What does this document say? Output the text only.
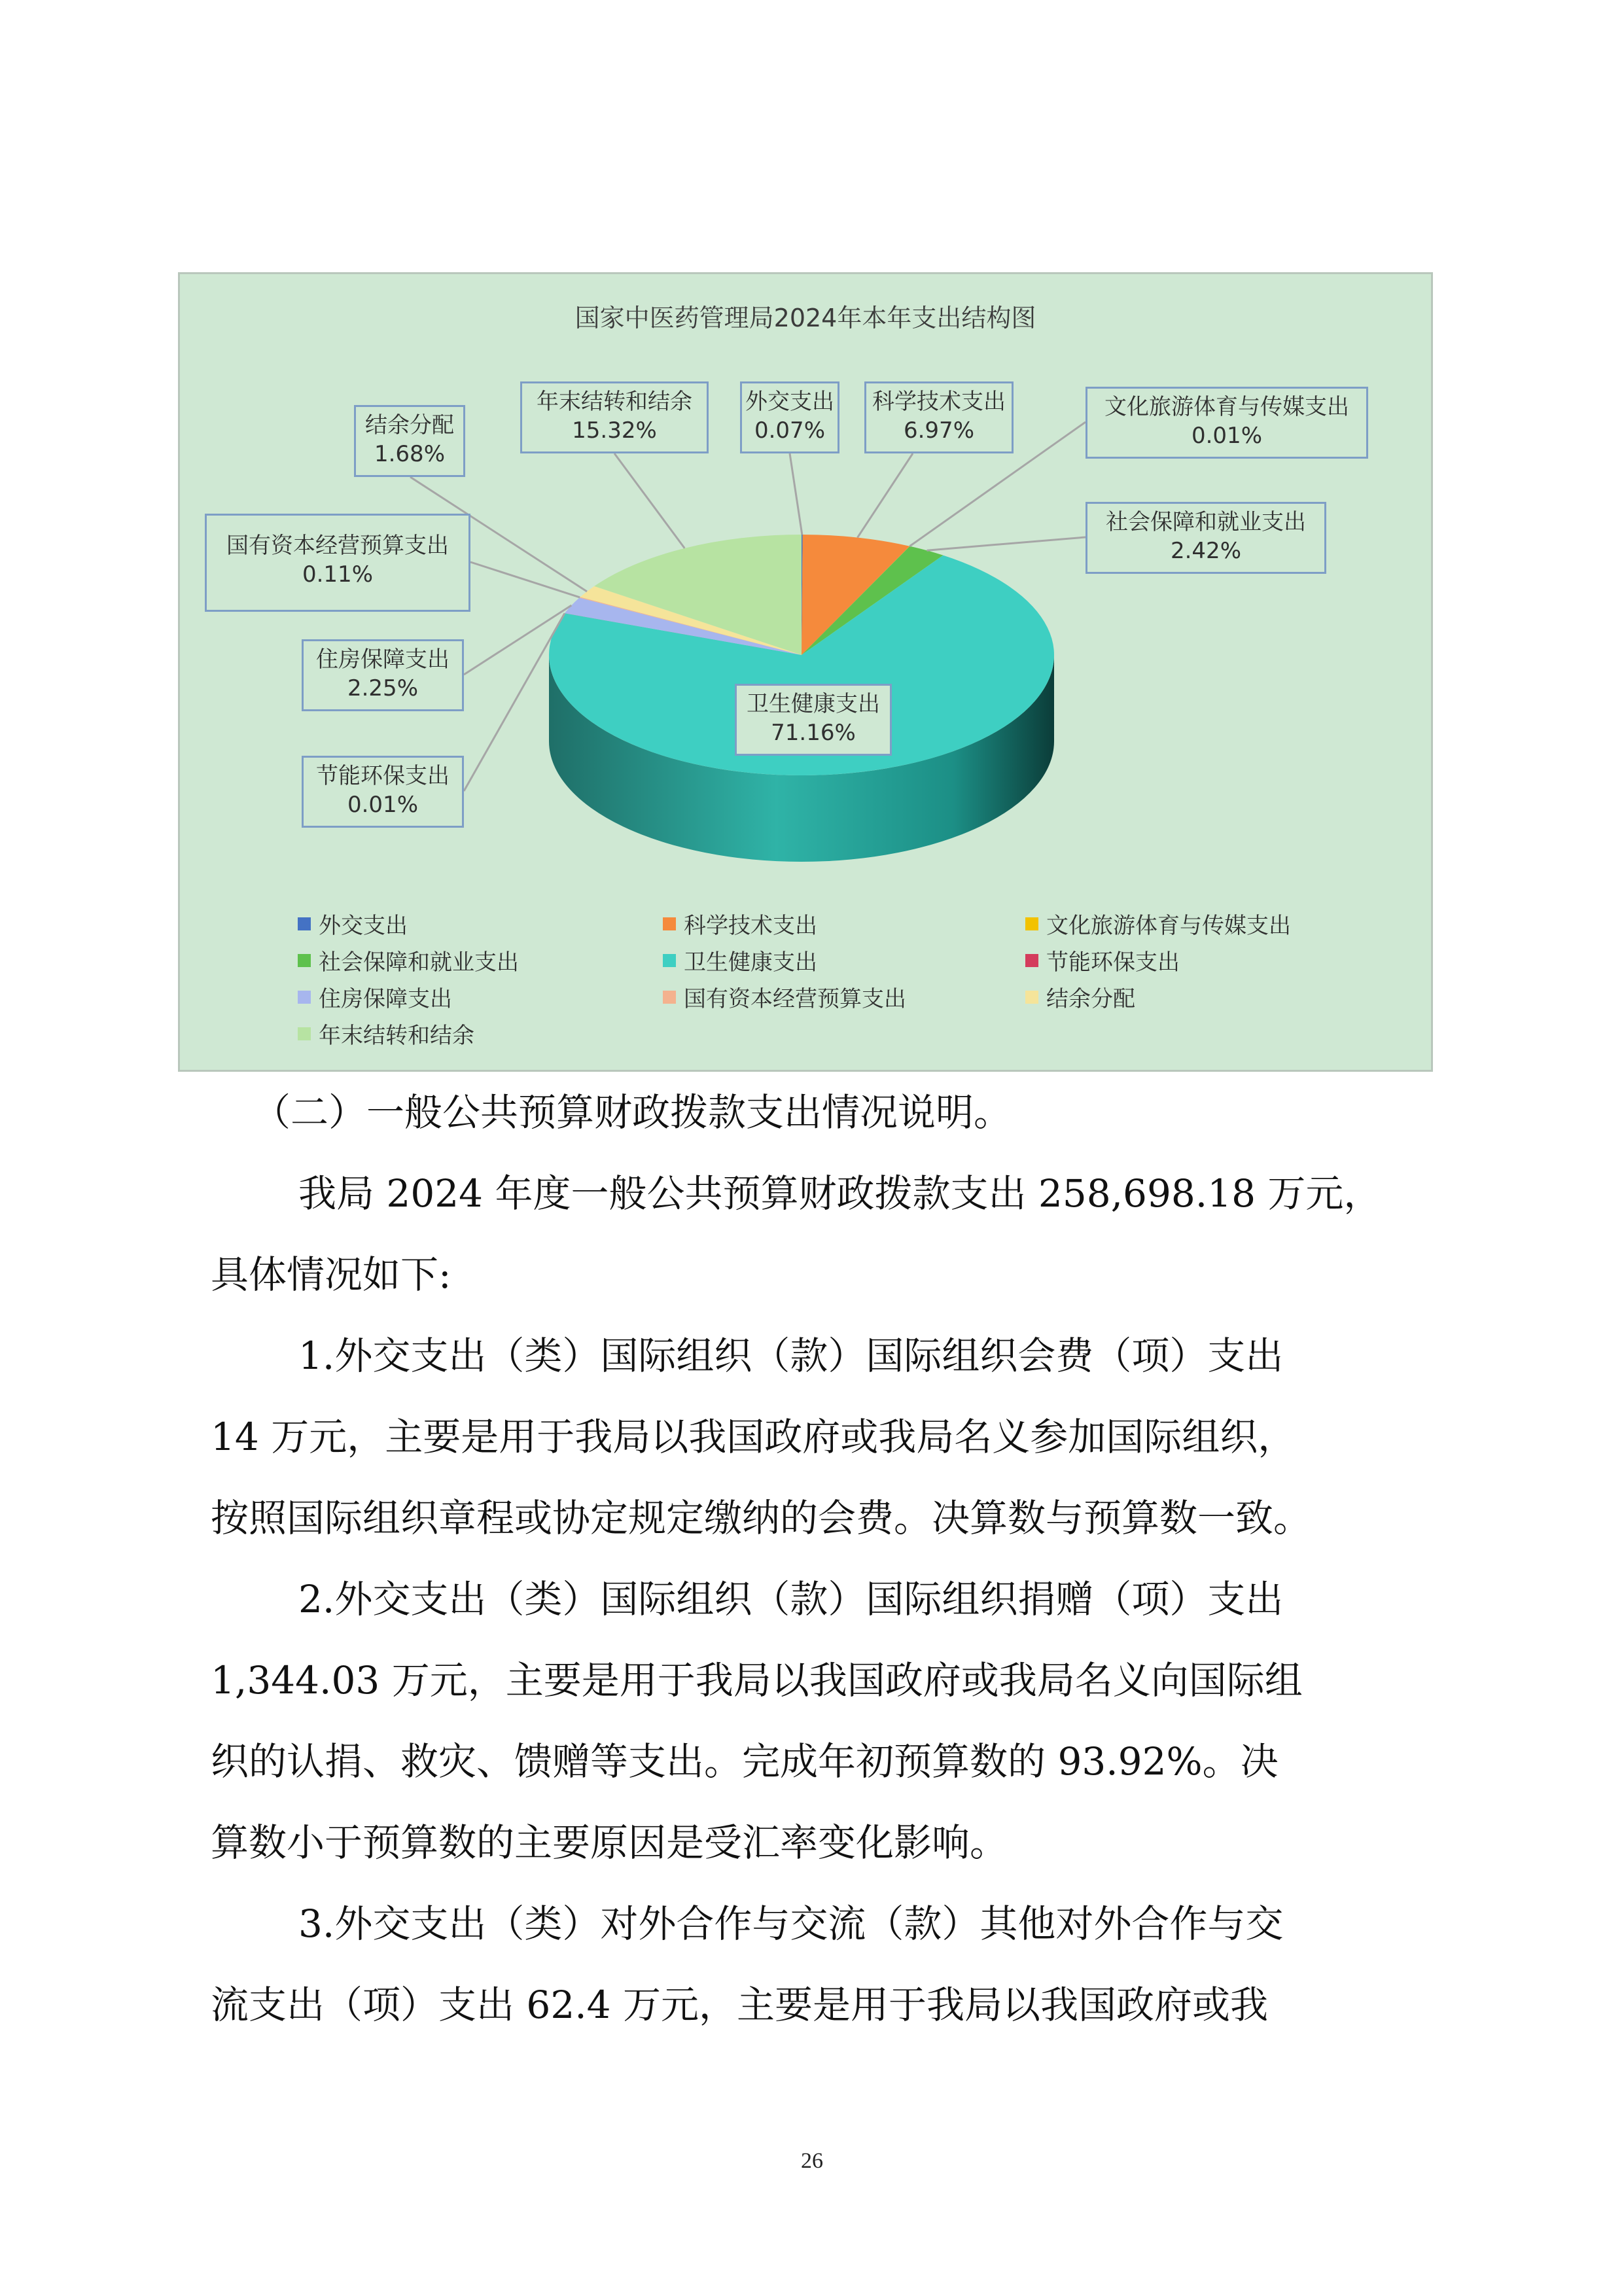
国家中医药管理局2024年本年支出结构图
外交支出
0.07%
科学技术支出
6.97%
文化旅游体育与传媒支出
0.01%
社会保障和就业支出
2.42%
卫生健康支出
71.16%
节能环保支出
0.01%
住房保障支出
2.25%
国有资本经营预算支出
0.11%
结余分配
1.68%
年末结转和结余
15.32%
外交支出	科学技术支出	文化旅游体育与传媒支出
社会保障和就业支出	卫生健康支出	节能环保支出
住房保障支出	国有资本经营预算支出	结余分配
年末结转和结余
（二）一般公共预算财政拨款支出情况说明。
我局 2024 年度一般公共预算财政拨款支出 258,698.18 万元，
具体情况如下:
1.外交支出（类）国际组织（款）国际组织会费（项）支出
14 万元，主要是用于我局以我国政府或我局名义参加国际组织，
按照国际组织章程或协定规定缴纳的会费。决算数与预算数一致。
2.外交支出（类）国际组织（款）国际组织捐赠（项）支出
1,344.03 万元，主要是用于我局以我国政府或我局名义向国际组
织的认捐、救灾、馈赠等支出。完成年初预算数的 93.92%。决
算数小于预算数的主要原因是受汇率变化影响。
3.外交支出（类）对外合作与交流（款）其他对外合作与交
流支出（项）支出 62.4 万元，主要是用于我局以我国政府或我
26
